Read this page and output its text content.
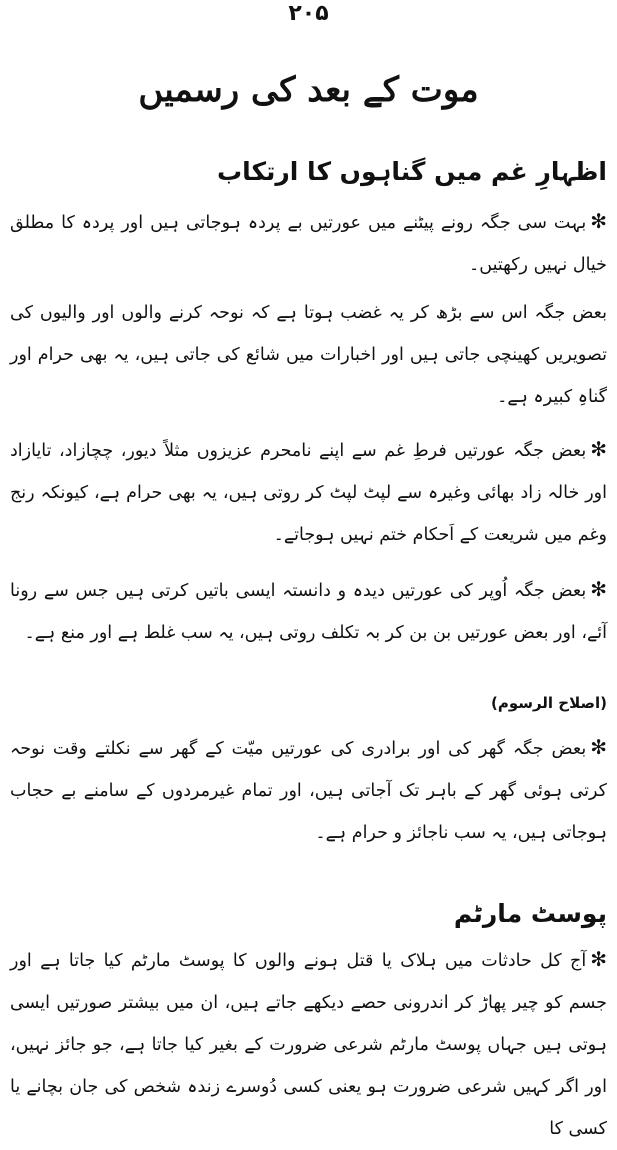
۲۰۵
موت کے بعد کی رسمیں
اظہارِ غم میں گناہوں کا ارتکاب
✻بہت سی جگہ رونے پیٹنے میں عورتیں بے پردہ ہوجاتی ہیں اور پردہ کا مطلق خیال نہیں رکھتیں۔
بعض جگہ اس سے بڑھ کر یہ غضب ہوتا ہے کہ نوحہ کرنے والوں اور والیوں کی تصویریں کھینچی جاتی ہیں اور اخبارات میں شائع کی جاتی ہیں، یہ بھی حرام اور گناہِ کبیرہ ہے۔
✻بعض جگہ عورتیں فرطِ غم سے اپنے نامحرم عزیزوں مثلاً دیور، چچازاد، تایازاد اور خالہ زاد بھائی وغیرہ سے لپٹ لپٹ کر روتی ہیں، یہ بھی حرام ہے، کیونکہ رنج وغم میں شریعت کے اَحکام ختم نہیں ہوجاتے۔
✻بعض جگہ اُوپر کی عورتیں دیدہ و دانستہ ایسی باتیں کرتی ہیں جس سے رونا آئے، اور بعض عورتیں بن بن کر بہ تکلف روتی ہیں، یہ سب غلط ہے اور منع ہے۔
(اصلاح الرسوم)
✻بعض جگہ گھر کی اور برادری کی عورتیں میّت کے گھر سے نکلتے وقت نوحہ کرتی ہوئی گھر کے باہر تک آجاتی ہیں، اور تمام غیرمردوں کے سامنے بے حجاب ہوجاتی ہیں، یہ سب ناجائز و حرام ہے۔
پوسٹ مارٹم
✻آج کل حادثات میں ہلاک یا قتل ہونے والوں کا پوسٹ مارٹم کیا جاتا ہے اور جسم کو چیر پھاڑ کر اندرونی حصے دیکھے جاتے ہیں، ان میں بیشتر صورتیں ایسی ہوتی ہیں جہاں پوسٹ مارٹم شرعی ضرورت کے بغیر کیا جاتا ہے، جو جائز نہیں، اور اگر کہیں شرعی ضرورت ہو یعنی کسی دُوسرے زندہ شخص کی جان بچانے یا کسی کا
